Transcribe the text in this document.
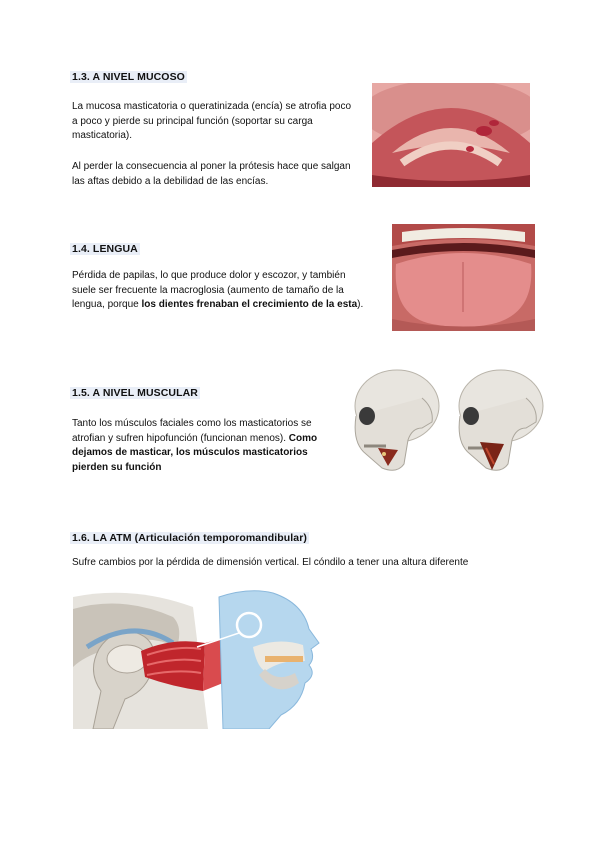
1.3. A NIVEL MUCOSO

La mucosa masticatoria o queratinizada (encía) se atrofia poco a poco y pierde su principal función (soportar su carga masticatoria).

Al perder la consecuencia al poner la prótesis hace que salgan las aftas debido a la debilidad de las encías.

1.4. LENGUA

Pérdida de papilas, lo que produce dolor y escozor, y también suele ser frecuente la macroglosia (aumento de tamaño de la lengua, porque los dientes frenaban el crecimiento de la esta).

1.5. A NIVEL MUSCULAR

Tanto los músculos faciales como los masticatorios se atrofian y sufren hipofunción (funcionan menos). Como dejamos de masticar, los músculos masticatorios pierden su función

1.6. LA ATM (Articulación temporomandibular)

Sufre cambios por la pérdida de dimensión vertical. El cóndilo a tener una altura diferente
